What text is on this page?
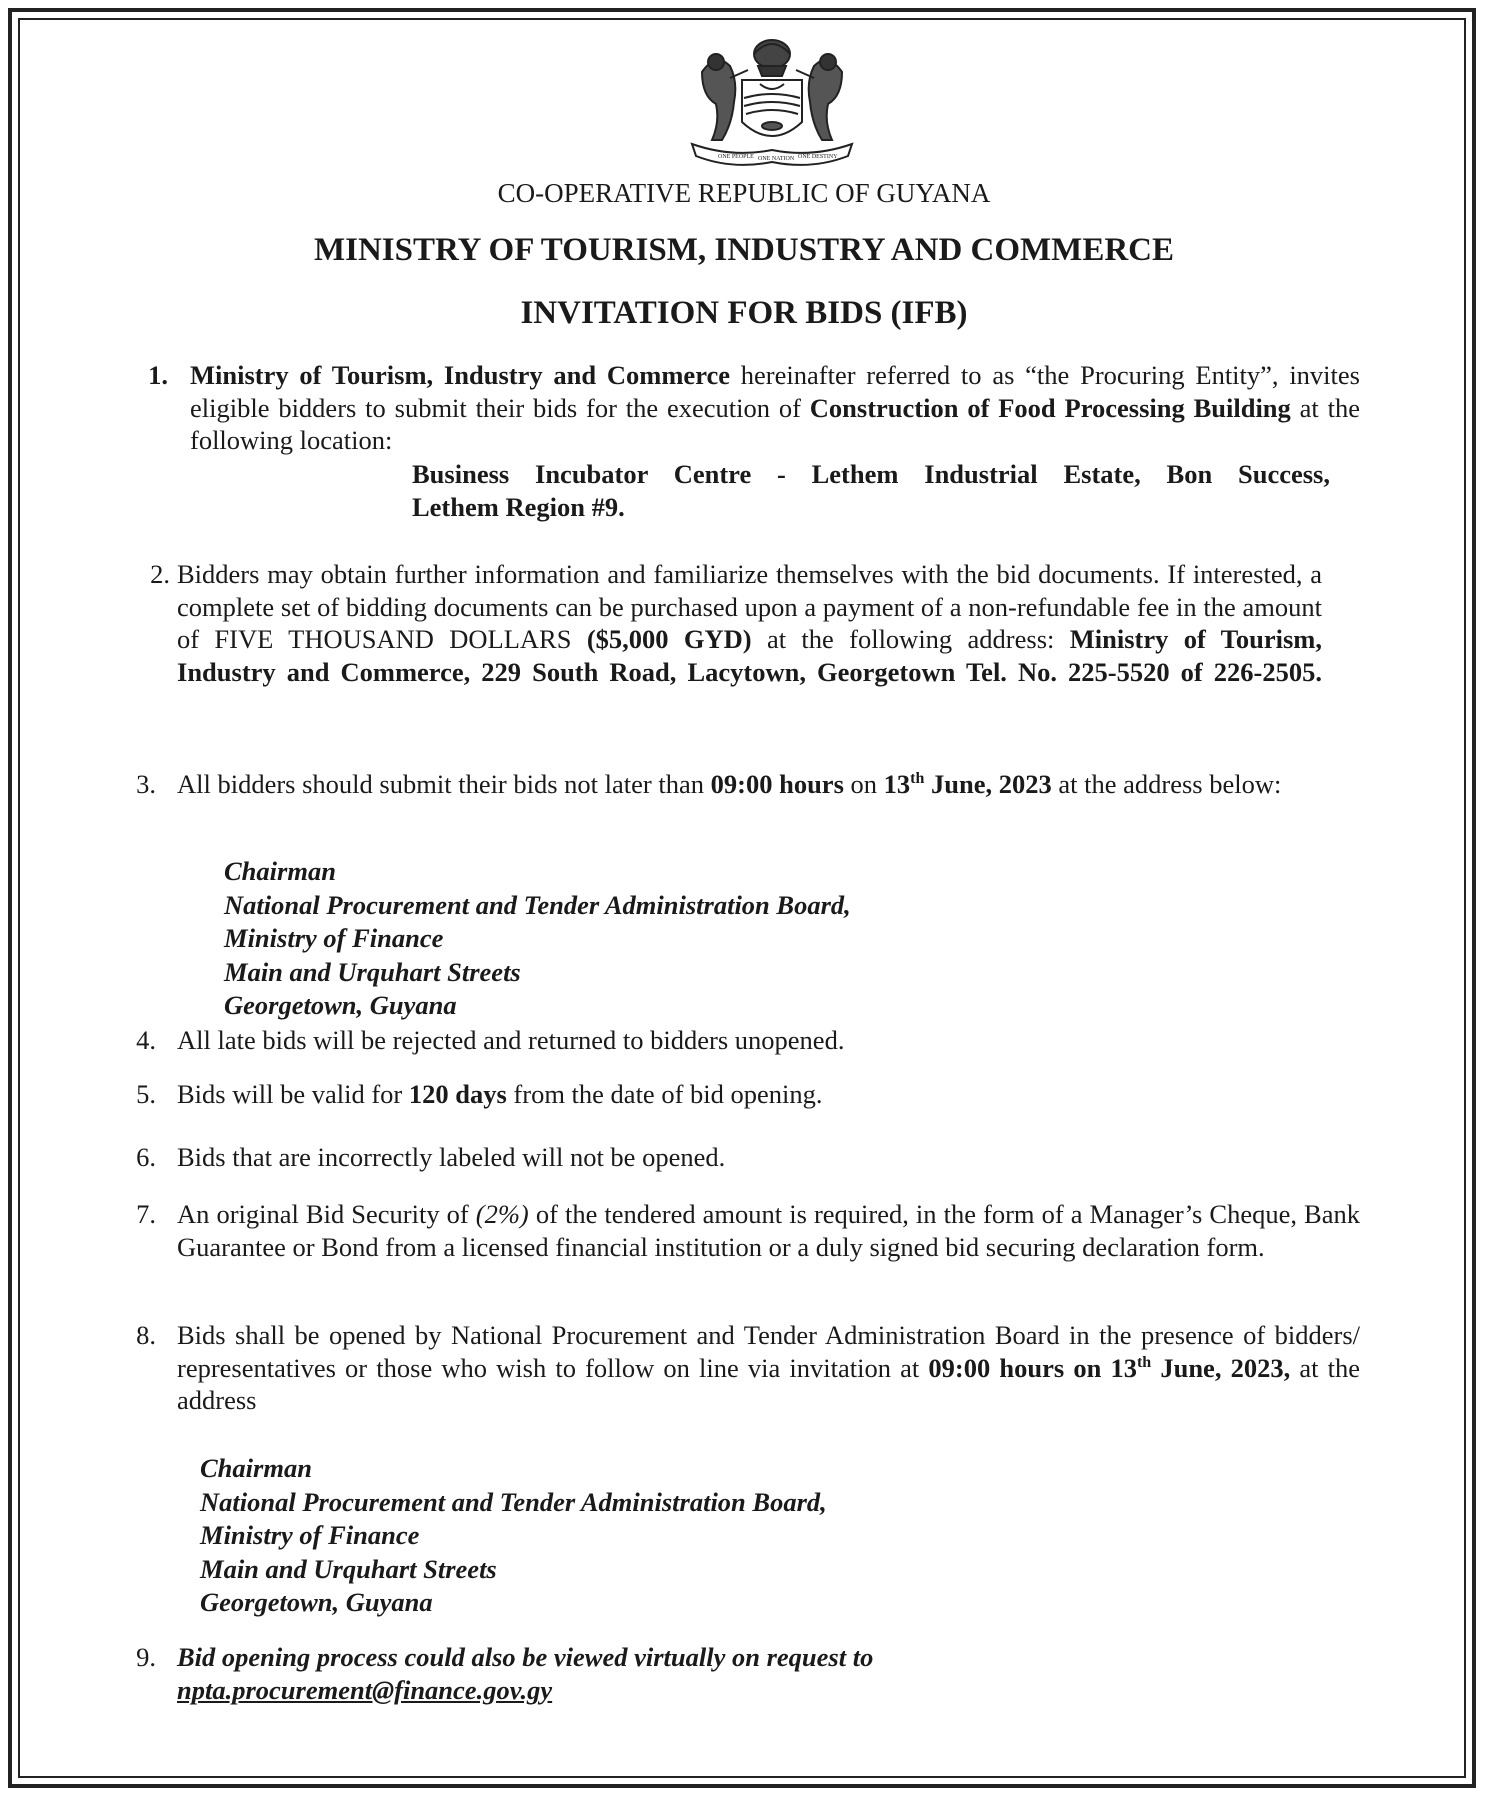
ONE PEOPLE ONE NATION ONE DESTINY
CO-OPERATIVE REPUBLIC OF GUYANA
MINISTRY OF TOURISM, INDUSTRY AND COMMERCE
INVITATION FOR BIDS (IFB)
1. Ministry of Tourism, Industry and Commerce hereinafter referred to as “the Procuring Entity”, invites eligible bidders to submit their bids for the execution of Construction of Food Processing Building at the following location:
Business Incubator Centre - Lethem Industrial Estate, Bon Success,
Lethem Region #9.
2. Bidders may obtain further information and familiarize themselves with the bid documents. If interested, a complete set of bidding documents can be purchased upon a payment of a non-refundable fee in the amount of FIVE THOUSAND DOLLARS ($5,000 GYD) at the following address: Ministry of Tourism, Industry and Commerce, 229 South Road, Lacytown, Georgetown Tel. No. 225-5520 of 226-2505.
3. All bidders should submit their bids not later than 09:00 hours on 13th June, 2023 at the address below:
Chairman
National Procurement and Tender Administration Board,
Ministry of Finance
Main and Urquhart Streets
Georgetown, Guyana
4. All late bids will be rejected and returned to bidders unopened.
5. Bids will be valid for 120 days from the date of bid opening.
6. Bids that are incorrectly labeled will not be opened.
7. An original Bid Security of (2%) of the tendered amount is required, in the form of a Manager’s Cheque, Bank Guarantee or Bond from a licensed financial institution or a duly signed bid securing declaration form.
8. Bids shall be opened by National Procurement and Tender Administration Board in the presence of bidders/ representatives or those who wish to follow on line via invitation at 09:00 hours on 13th June, 2023, at the address
Chairman
National Procurement and Tender Administration Board,
Ministry of Finance
Main and Urquhart Streets
Georgetown, Guyana
9. Bid opening process could also be viewed virtually on request to
npta.procurement@finance.gov.gy
